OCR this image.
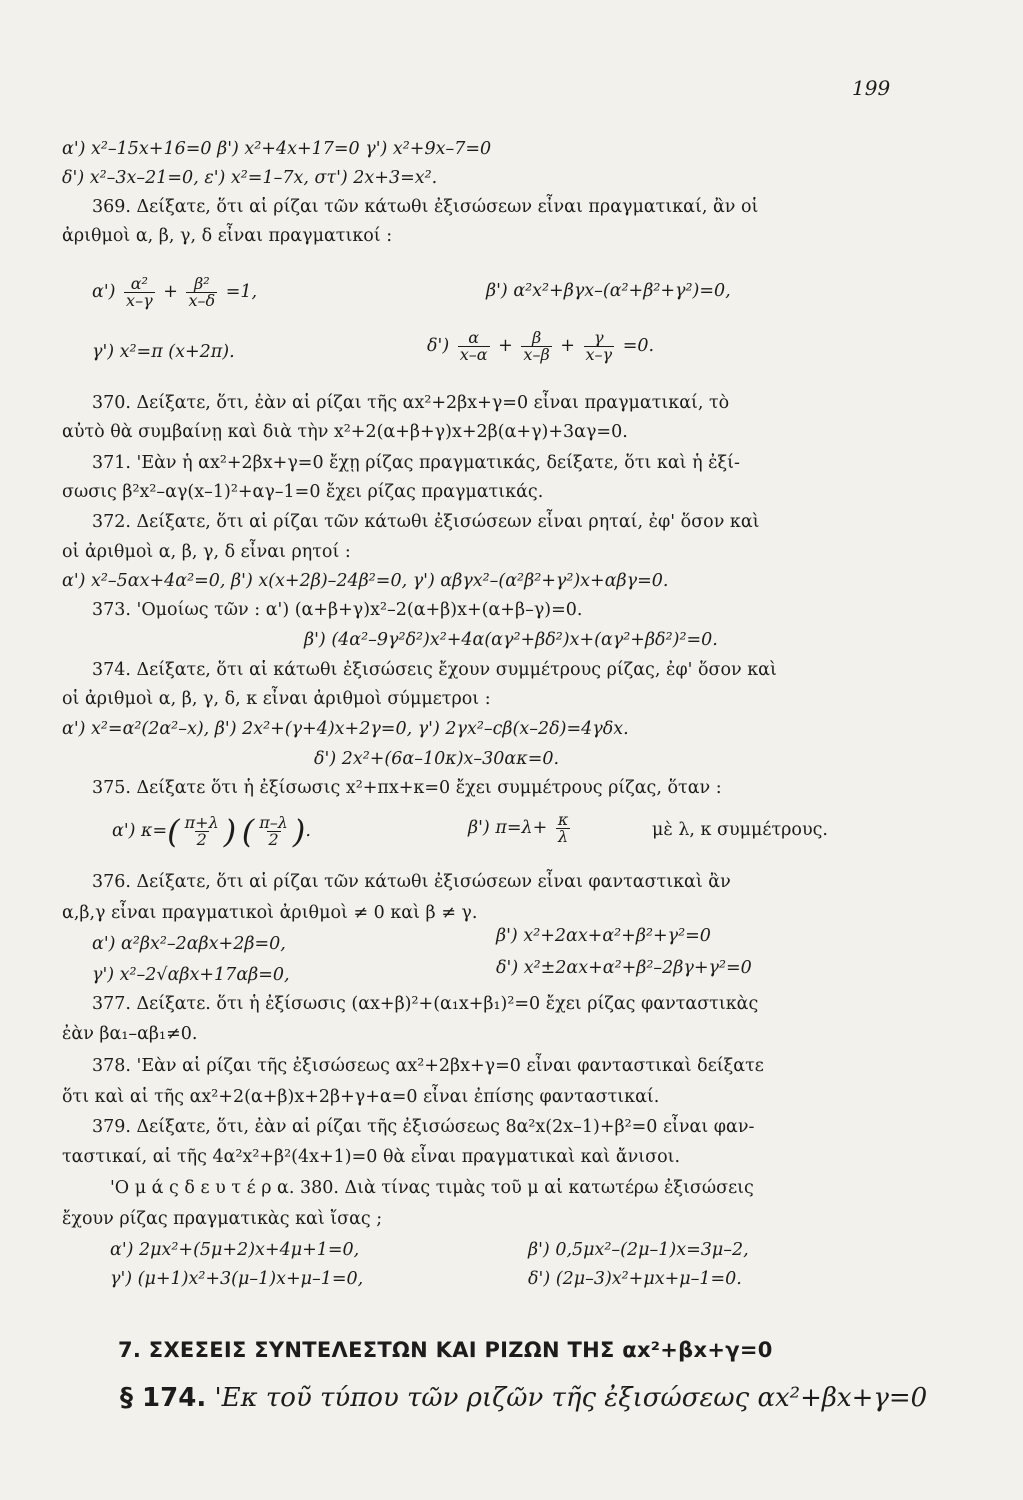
199
α') x²–15x+16=0 β') x²+4x+17=0 γ') x²+9x–7=0
δ') x²–3x–21=0, ε') x²=1–7x, στ') 2x+3=x².
369. Δείξατε, ὅτι αἱ ρίζαι τῶν κάτωθι ἐξισώσεων εἶναι πραγματικαί, ἂν οἱ
ἀριθμοὶ α, β, γ, δ εἶναι πραγματικοί :
$\alpha') \frac{\text{α²}}{x-\gamma} + \frac{\text{β²}}{x-\delta} =1$,	β') α²x²+βγx–(α²+β²+γ²)=0,
γ') x²=π (x+2π).	$\delta') \frac{\alpha}{x-\alpha} + \frac{\beta}{x-\beta} + \frac{\gamma}{x-\gamma} =0$.
370. Δείξατε, ὅτι, ἐὰν αἱ ρίζαι τῆς αx²+2βx+γ=0 εἶναι πραγματικαί, τὸ
αὐτὸ θὰ συμβαίνῃ καὶ διὰ τὴν x²+2(α+β+γ)x+2β(α+γ)+3αγ=0.
371. 'Εὰν ἡ αx²+2βx+γ=0 ἔχῃ ρίζας πραγματικάς, δείξατε, ὅτι καὶ ἡ ἐξί-
σωσις β²x²–αγ(x–1)²+αγ–1=0 ἔχει ρίζας πραγματικάς.
372. Δείξατε, ὅτι αἱ ρίζαι τῶν κάτωθι ἐξισώσεων εἶναι ρηταί, ἐφ' ὅσον καὶ
οἱ ἀριθμοὶ α, β, γ, δ εἶναι ρητοί :
α') x²–5αx+4α²=0, β') x(x+2β)–24β²=0, γ') αβγx²–(α²β²+γ²)x+αβγ=0.
373. 'Ομοίως τῶν : α') (α+β+γ)x²–2(α+β)x+(α+β–γ)=0.
β') (4α²–9γ²δ²)x²+4α(αγ²+βδ²)x+(αγ²+βδ²)²=0.
374. Δείξατε, ὅτι αἱ κάτωθι ἐξισώσεις ἔχουν συμμέτρους ρίζας, ἐφ' ὅσον καὶ
οἱ ἀριθμοὶ α, β, γ, δ, κ εἶναι ἀριθμοὶ σύμμετροι :
α') x²=α²(2α²–x), β') 2x²+(γ+4)x+2γ=0, γ') 2γx²–cβ(x–2δ)=4γδx.
δ') 2x²+(6α–10κ)x–30ακ=0.
375. Δείξατε ὅτι ἡ ἐξίσωσις x²+πx+κ=0 ἔχει συμμέτρους ρίζας, ὅταν :
α') $\kappa=( \frac{\pi+\lambda}{2}$ ) ( $\frac{\pi-\lambda}{2}$ ).	β') $\pi=\lambda+ \frac{\kappa}{\lambda}$	μὲ λ, κ συμμέτρους.
376. Δείξατε, ὅτι αἱ ρίζαι τῶν κάτωθι ἐξισώσεων εἶναι φανταστικαὶ ἂν
α,β,γ εἶναι πραγματικοὶ ἀριθμοὶ ≠ 0 καὶ β ≠ γ.
α') α²βx²–2αβx+2β=0,	β') x²+2αx+α²+β²+γ²=0
γ') x²–2√αβx+17αβ=0,	δ') x²±2αx+α²+β²–2βγ+γ²=0
377. Δείξατε. ὅτι ἡ ἐξίσωσις (αx+β)²+(α₁x+β₁)²=0 ἔχει ρίζας φανταστικὰς
ἐὰν βα₁–αβ₁≠0.
378. 'Εὰν αἱ ρίζαι τῆς ἐξισώσεως αx²+2βx+γ=0 εἶναι φανταστικαὶ δείξατε
ὅτι καὶ αἱ τῆς αx²+2(α+β)x+2β+γ+α=0 εἶναι ἐπίσης φανταστικαί.
379. Δείξατε, ὅτι, ἐὰν αἱ ρίζαι τῆς ἐξισώσεως 8α²x(2x–1)+β²=0 εἶναι φαν-
ταστικαί, αἱ τῆς 4α²x²+β²(4x+1)=0 θὰ εἶναι πραγματικαὶ καὶ ἄνισοι.
'Ο μ ά ς δ ε υ τ έ ρ α. 380. Διὰ τίνας τιμὰς τοῦ μ αἱ κατωτέρω ἐξισώσεις
ἔχουν ρίζας πραγματικὰς καὶ ἴσας ;
α') 2μx²+(5μ+2)x+4μ+1=0,	β') 0,5μx²–(2μ–1)x=3μ–2,
γ') (μ+1)x²+3(μ–1)x+μ–1=0,	δ') (2μ–3)x²+μx+μ–1=0.
7. ΣΧΕΣΕΙΣ ΣΥΝΤΕΛΕΣΤΩΝ ΚΑΙ ΡΙΖΩΝ ΤΗΣ αx²+βx+γ=0
§ 174. 'Εκ τοῦ τύπου τῶν ριζῶν τῆς ἐξισώσεως αx²+βx+γ=0
